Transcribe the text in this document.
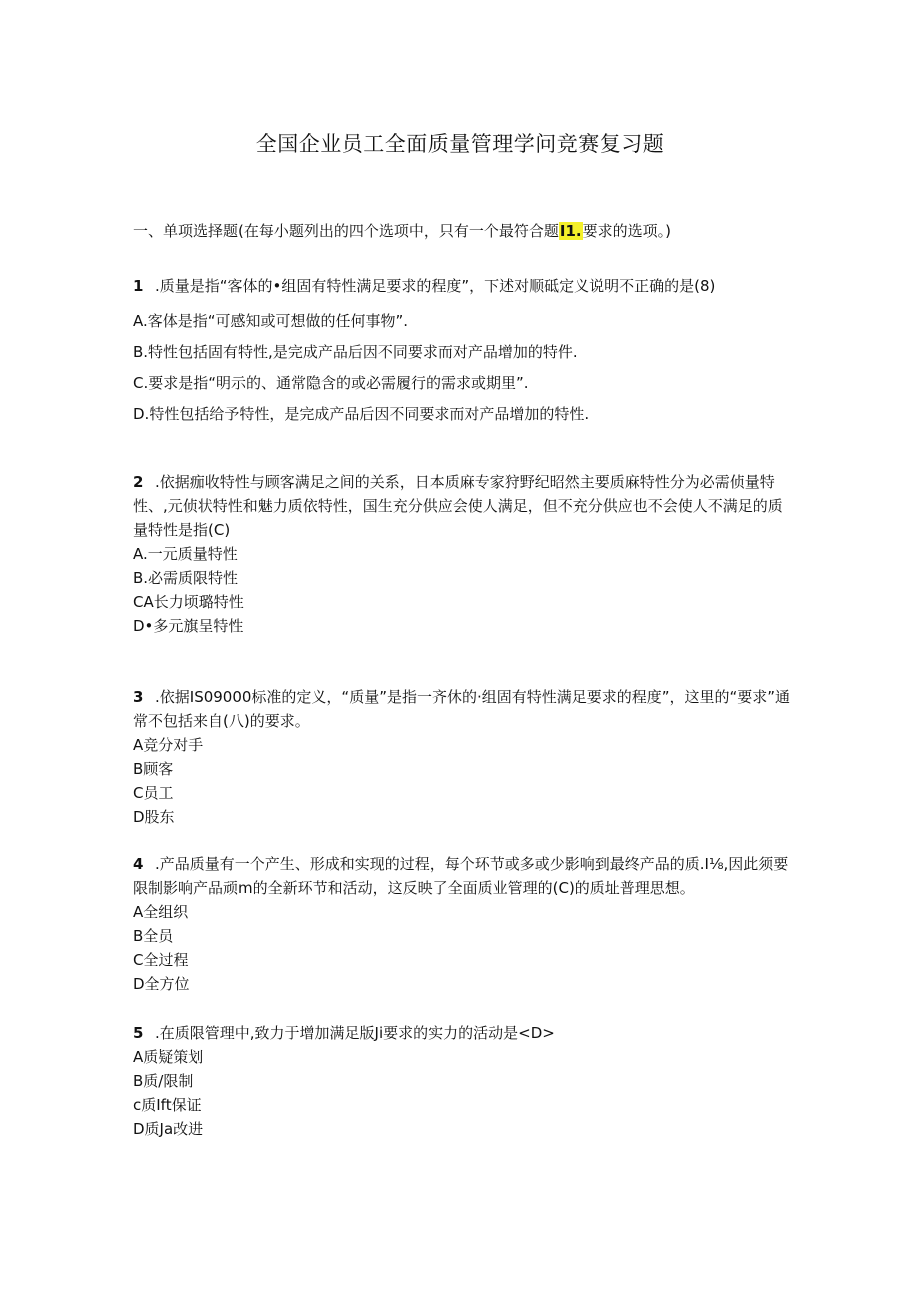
全国企业员工全面质量管理学问竞赛复习题
一、单项选择题(在每小题列出的四个选项中，只有一个最符合题I1.要求的选项。)

1 .质量是指“客体的•组固有特性满足要求的程度”，下述对顺砥定义说明不正确的是(8)

A.客体是指“可感知或可想做的任何事物”.

B.特性包括固有特性,是完成产品后因不同要求而对产品增加的特件.

C.要求是指“明示的、通常隐含的或必需履行的需求或期里”.

D.特性包括给予特性，是完成产品后因不同要求而对产品增加的特性.

2 .依据痂收特性与顾客满足之间的关系，日本质麻专家狩野纪昭然主要质麻特性分为必需侦量特性、,元侦状特性和魅力质依特性，国生充分供应会使人满足，但不充分供应也不会使人不满足的质量特性是指(C)

A.一元质量特性

B.必需质限特性

CA长力顷璐特性

D•多元旗呈特性

3 .依据IS09000标准的定义，“质量”是指一齐休的·组固有特性满足要求的程度”，这里的“要求”通常不包括来自(八)的要求。

A竞分对手

B顾客

C员工

D股东

4 .产品质量有一个产生、形成和实现的过程，每个环节或多或少影响到最终产品的质.I⅛,因此须要限制影响产品顽m的全新环节和活动，这反映了全面质业管理的(C)的质址普理思想。

A全组织

B全员

C全过程

D全方位

5 .在质限管理中,致力于增加满足版Ji要求的实力的活动是<D>

A质疑策划

B质/限制

c质Ift保证

D质Ja改进
